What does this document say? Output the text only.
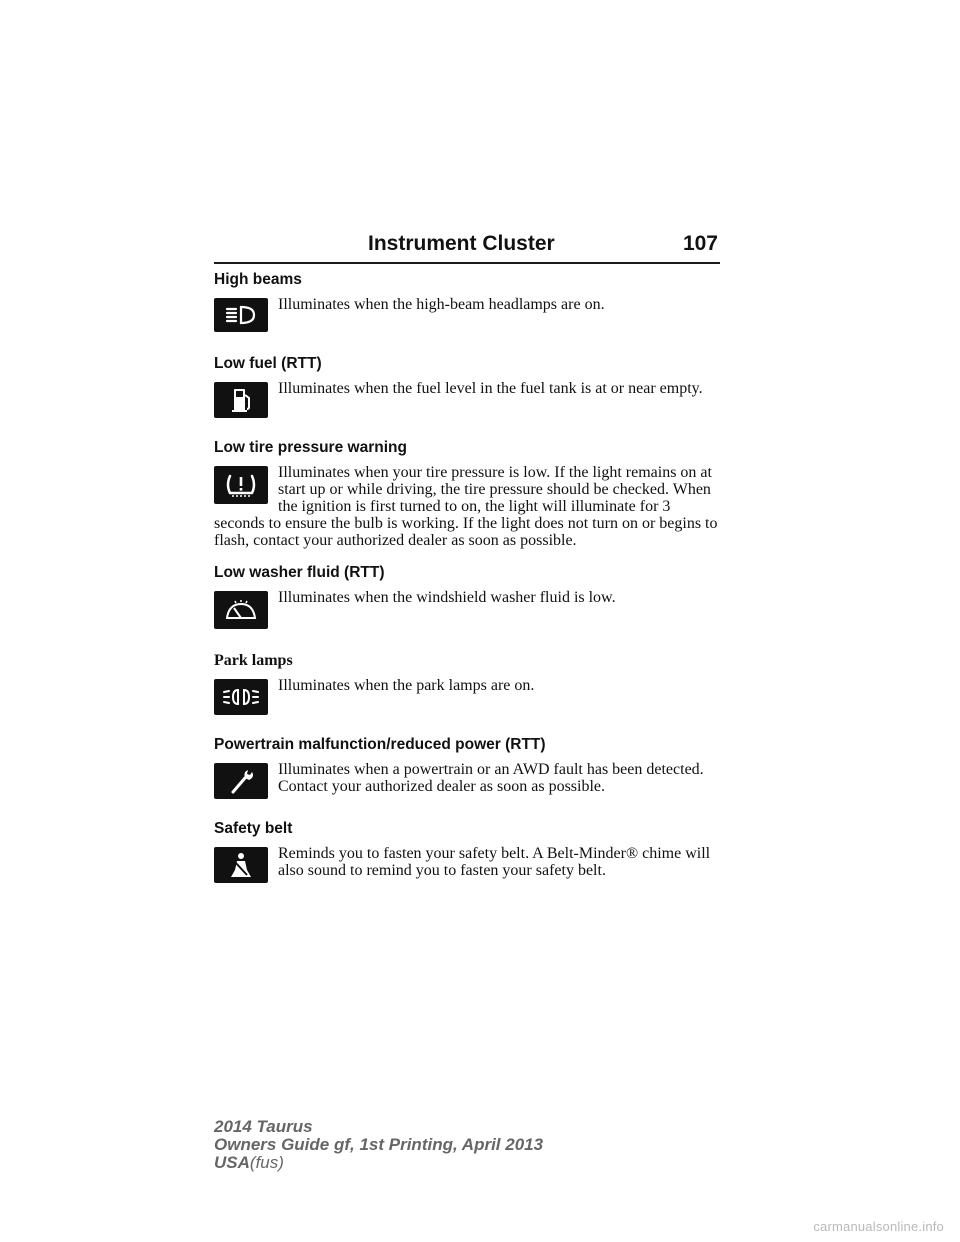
Instrument Cluster	107
High beams

Illuminates when the high-beam headlamps are on.

Low fuel (RTT)

Illuminates when the fuel level in the fuel tank is at or near empty.

Low tire pressure warning

Illuminates when your tire pressure is low. If the light remains on at start up or while driving, the tire pressure should be checked. When the ignition is first turned to on, the light will illuminate for 3 seconds to ensure the bulb is working. If the light does not turn on or begins to flash, contact your authorized dealer as soon as possible.

Low washer fluid (RTT)

Illuminates when the windshield washer fluid is low.

Park lamps

Illuminates when the park lamps are on.

Powertrain malfunction/reduced power (RTT)

Illuminates when a powertrain or an AWD fault has been detected. Contact your authorized dealer as soon as possible.

Safety belt

Reminds you to fasten your safety belt. A Belt-Minder® chime will also sound to remind you to fasten your safety belt.

2014 Taurus
Owners Guide gf, 1st Printing, April 2013
USA(fus)
carmanualsonline.info
